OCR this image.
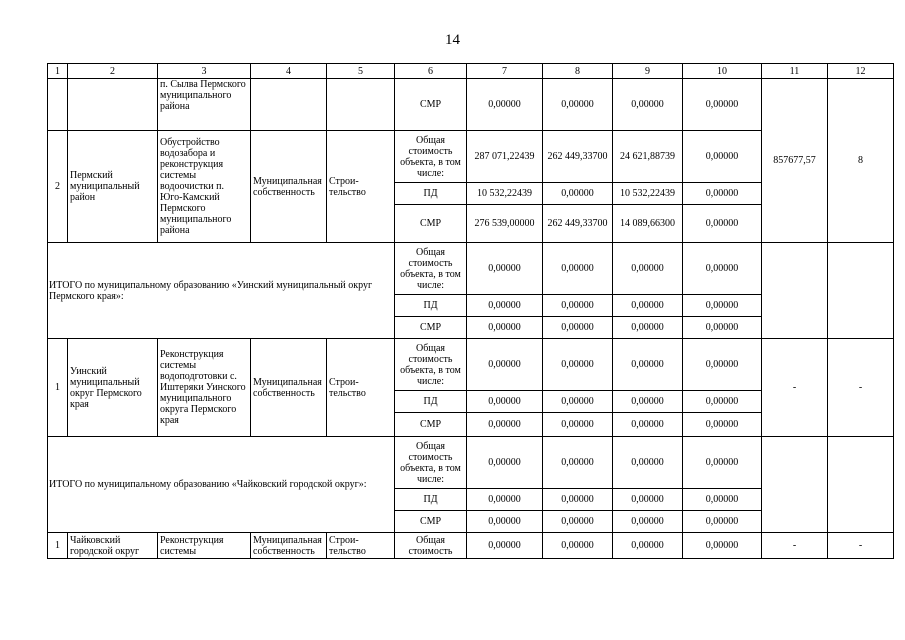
14
1	2	3	4	5	6	7	8	9	10	11	12
		п. Сылва Пермского муниципального района			СМР	0,00000	0,00000	0,00000	0,00000	857677,57	8
2	Пермский муниципальный район	Обустройство водозабора и реконструкция системы водоочистки п. Юго-Камский Пермского муниципального района	Муниципальная собственность	Строи-тельство	Общая стоимость объекта, в том числе:	287 071,22439	262 449,33700	24 621,88739	0,00000		
					ПД	10 532,22439	0,00000	10 532,22439	0,00000		
					СМР	276 539,00000	262 449,33700	14 089,66300	0,00000		
ИТОГО по муниципальному образованию «Уинский муниципальный округ Пермского края»:					Общая стоимость объекта, в том числе:	0,00000	0,00000	0,00000	0,00000		
					ПД	0,00000	0,00000	0,00000	0,00000		
					СМР	0,00000	0,00000	0,00000	0,00000		
1	Уинский муниципальный округ Пермского края	Реконструкция системы водоподготовки с. Иштеряки Уинского муниципального округа Пермского края	Муниципальная собственность	Строи-тельство	Общая стоимость объекта, в том числе:	0,00000	0,00000	0,00000	0,00000	-	-
					ПД	0,00000	0,00000	0,00000	0,00000		
					СМР	0,00000	0,00000	0,00000	0,00000		
ИТОГО по муниципальному образованию «Чайковский городской округ»:					Общая стоимость объекта, в том числе:	0,00000	0,00000	0,00000	0,00000		
					ПД	0,00000	0,00000	0,00000	0,00000		
					СМР	0,00000	0,00000	0,00000	0,00000		
1	Чайковский городской округ	Реконструкция системы	Муниципальная собственность	Строи-тельство	Общая стоимость	0,00000	0,00000	0,00000	0,00000	-	-
